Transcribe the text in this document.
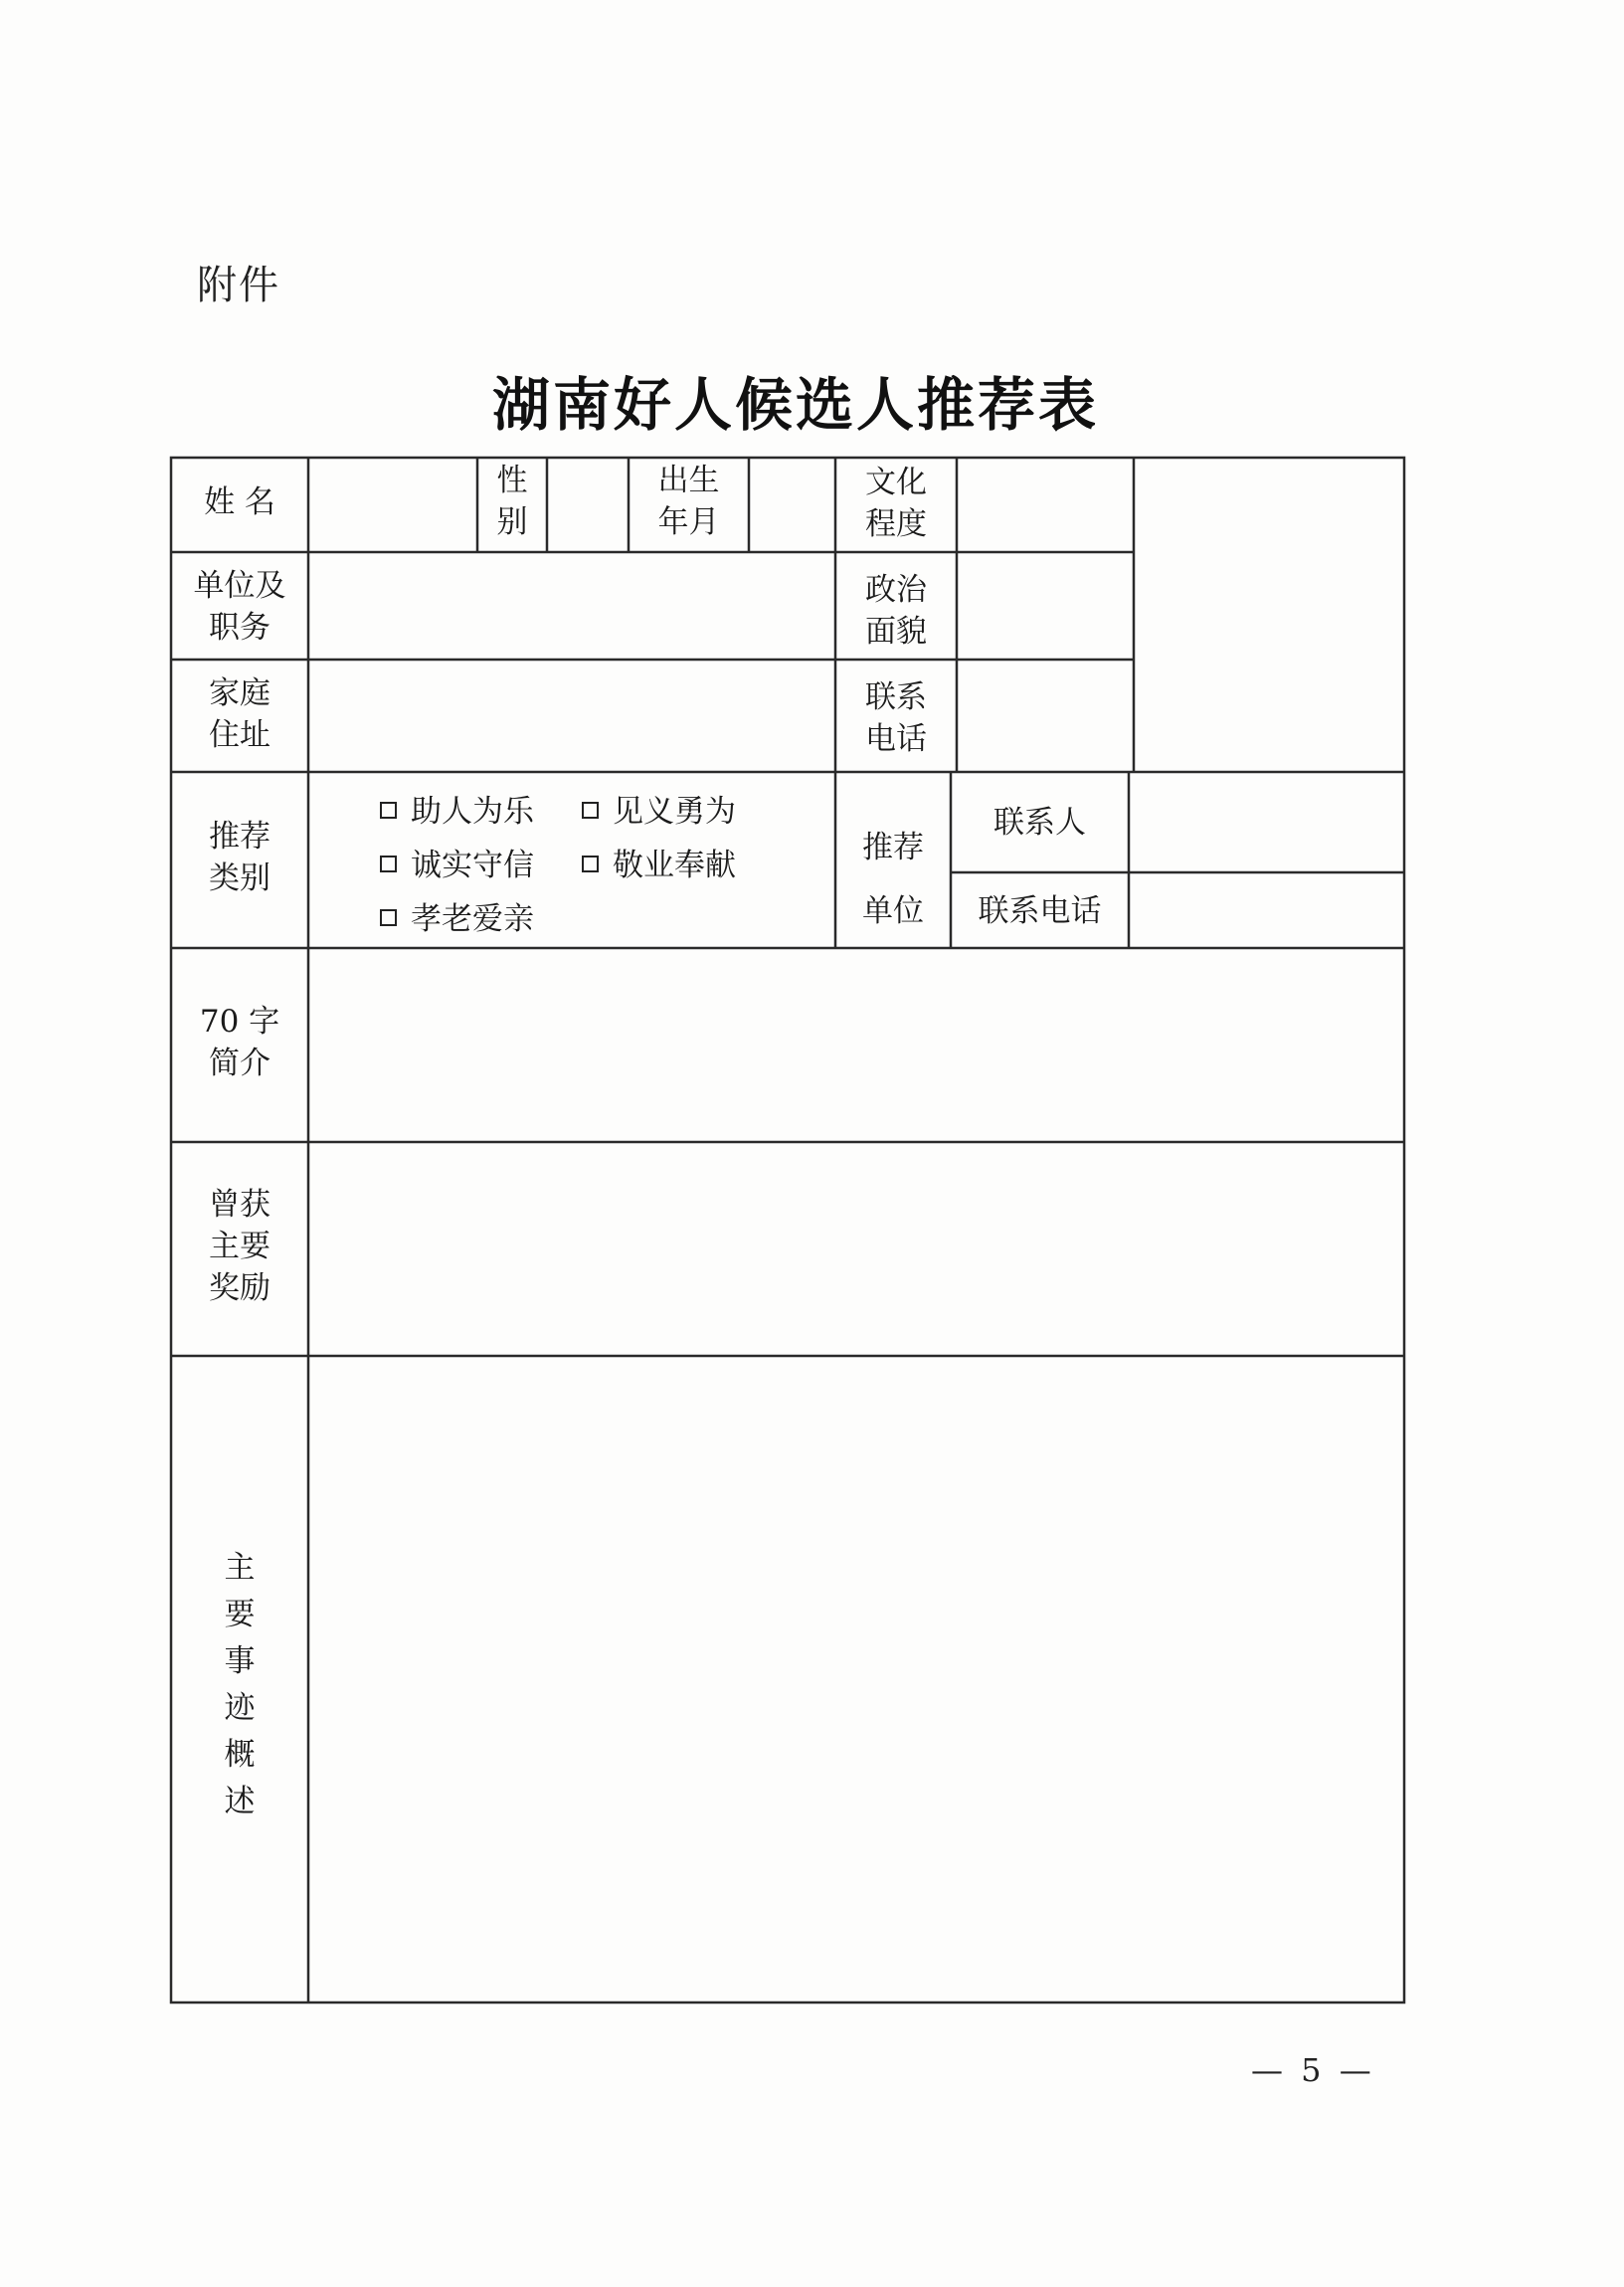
附件
湖南好人候选人推荐表
姓 名
性
别
出生
年月
文化
程度
单位及
职务
政治
面貌
家庭
住址
联系
电话
推荐
类别
助人为乐	见义勇为
诚实守信	敬业奉献
孝老爱亲
推荐
单位
联系人
联系电话
70 字
简介
曾获
主要
奖励
主
要
事
迹
概
述
— 5 —
